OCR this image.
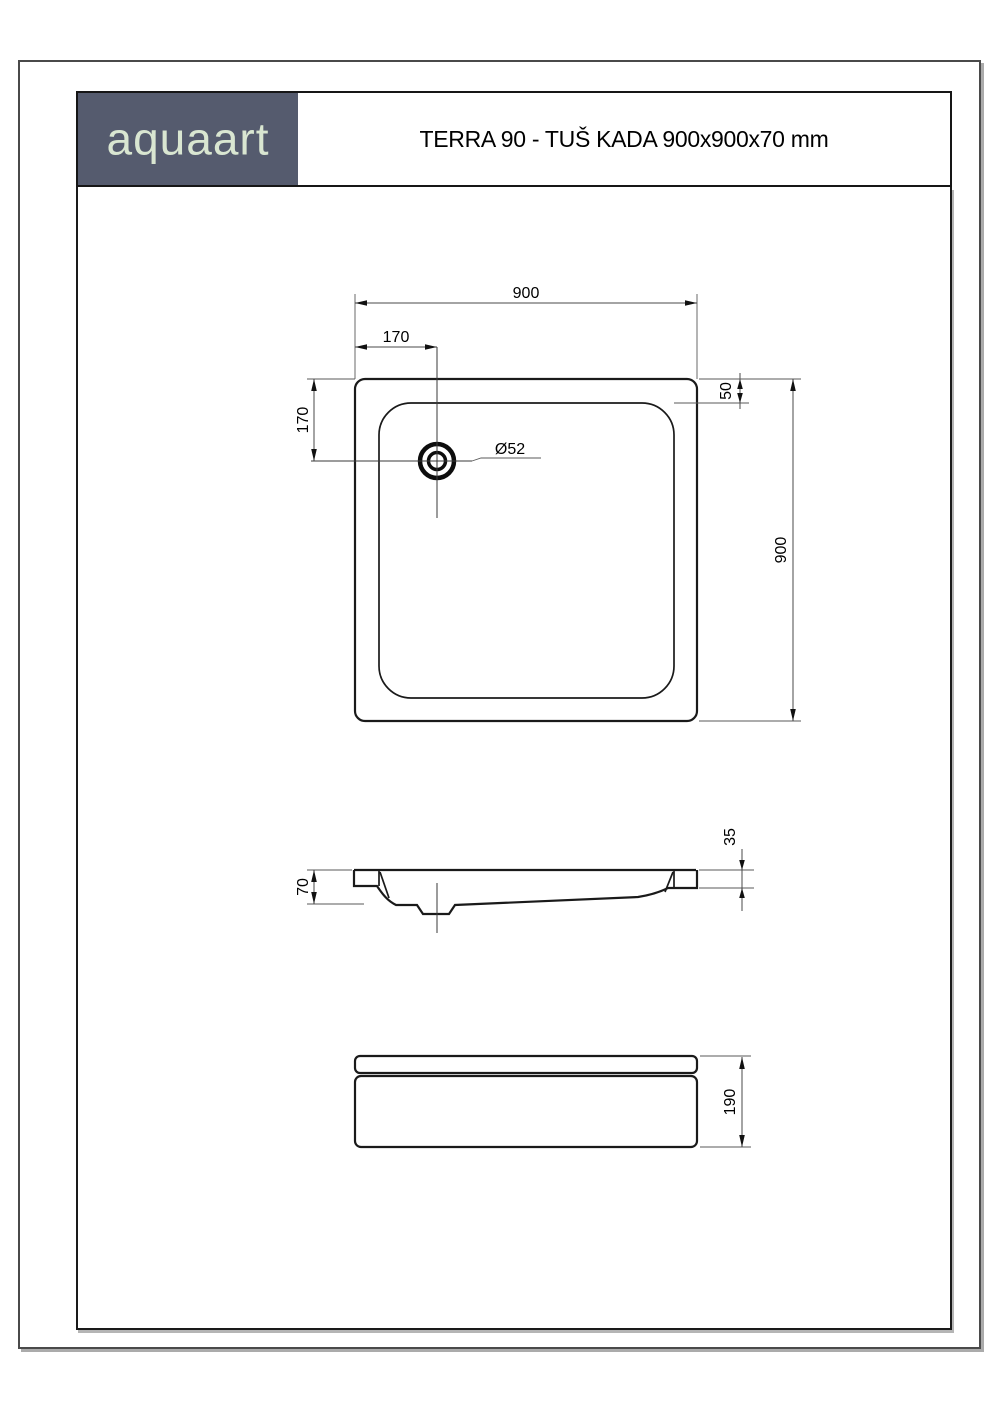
aquaart	TERRA 90 - TUŠ KADA 900x900x70 mm
Ø52
900
170
170
50
900
70
35
190
